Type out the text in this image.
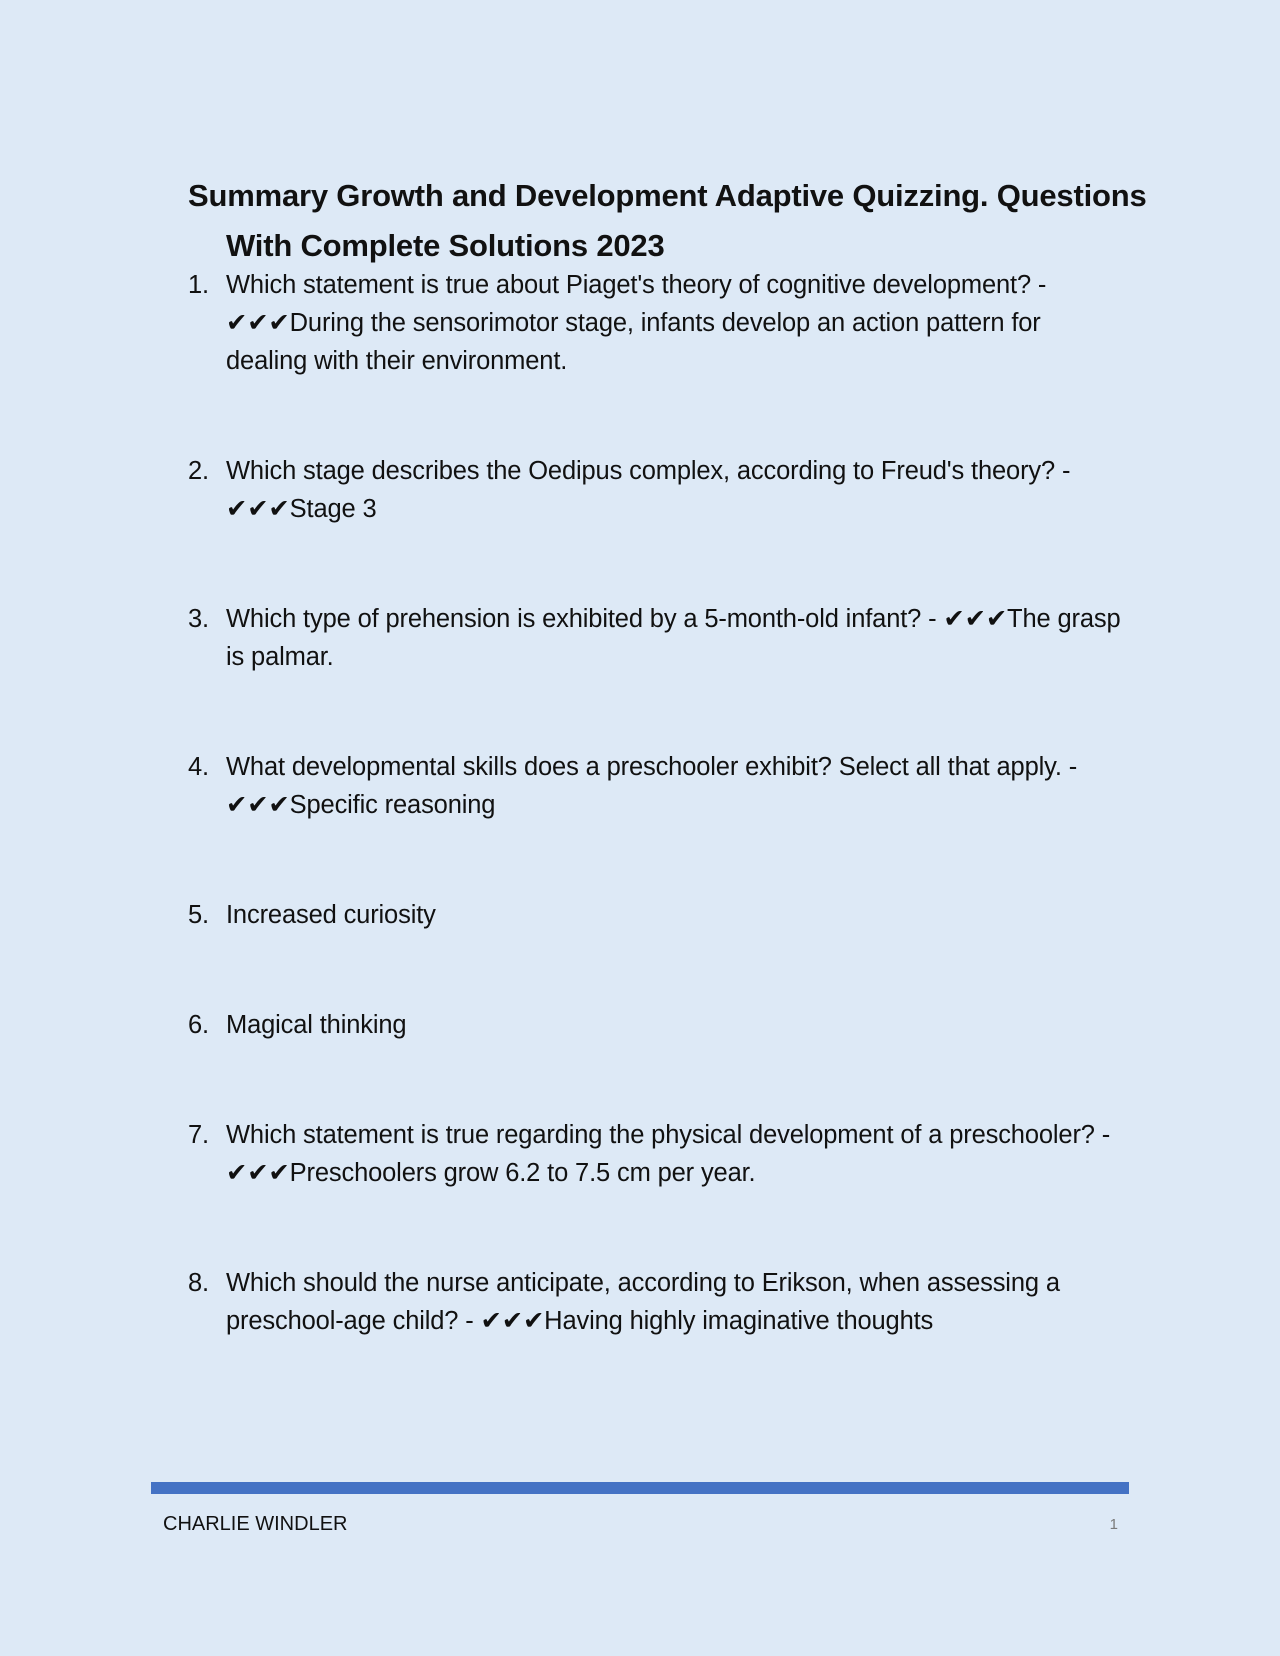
Summary Growth and Development Adaptive Quizzing. Questions With Complete Solutions 2023
1. Which statement is true about Piaget's theory of cognitive development? - ✔✔✔During the sensorimotor stage, infants develop an action pattern for dealing with their environment.
2. Which stage describes the Oedipus complex, according to Freud's theory? - ✔✔✔Stage 3
3. Which type of prehension is exhibited by a 5-month-old infant? - ✔✔✔The grasp is palmar.
4. What developmental skills does a preschooler exhibit? Select all that apply. - ✔✔✔Specific reasoning
5. Increased curiosity
6. Magical thinking
7. Which statement is true regarding the physical development of a preschooler? - ✔✔✔Preschoolers grow 6.2 to 7.5 cm per year.
8. Which should the nurse anticipate, according to Erikson, when assessing a preschool-age child? - ✔✔✔Having highly imaginative thoughts
CHARLIE WINDLER	1
